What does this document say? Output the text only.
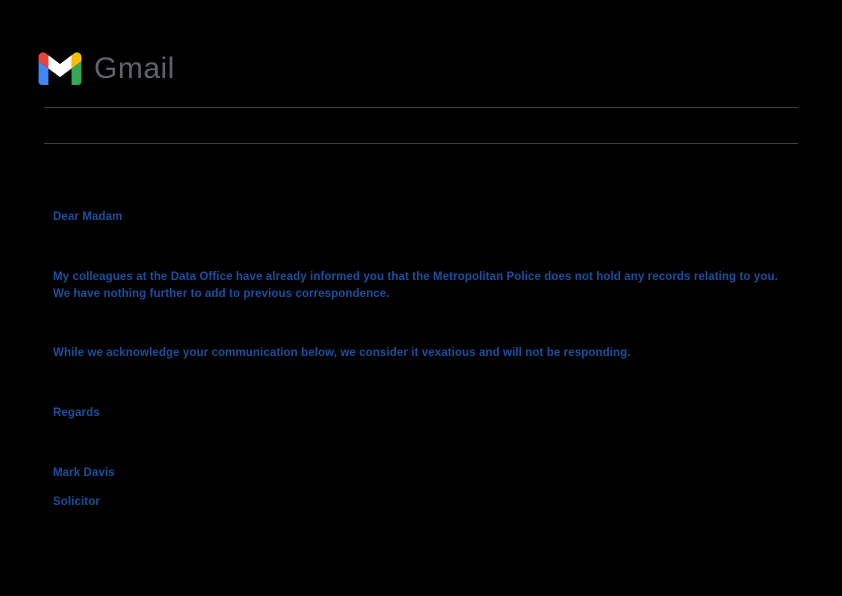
Gmail
Dear Madam
My colleagues at the Data Office have already informed you that the Metropolitan Police does not hold any records relating to you. We have nothing further to add to previous correspondence.
While we acknowledge your communication below, we consider it vexatious and will not be responding.
Regards
Mark Davis
Solicitor
